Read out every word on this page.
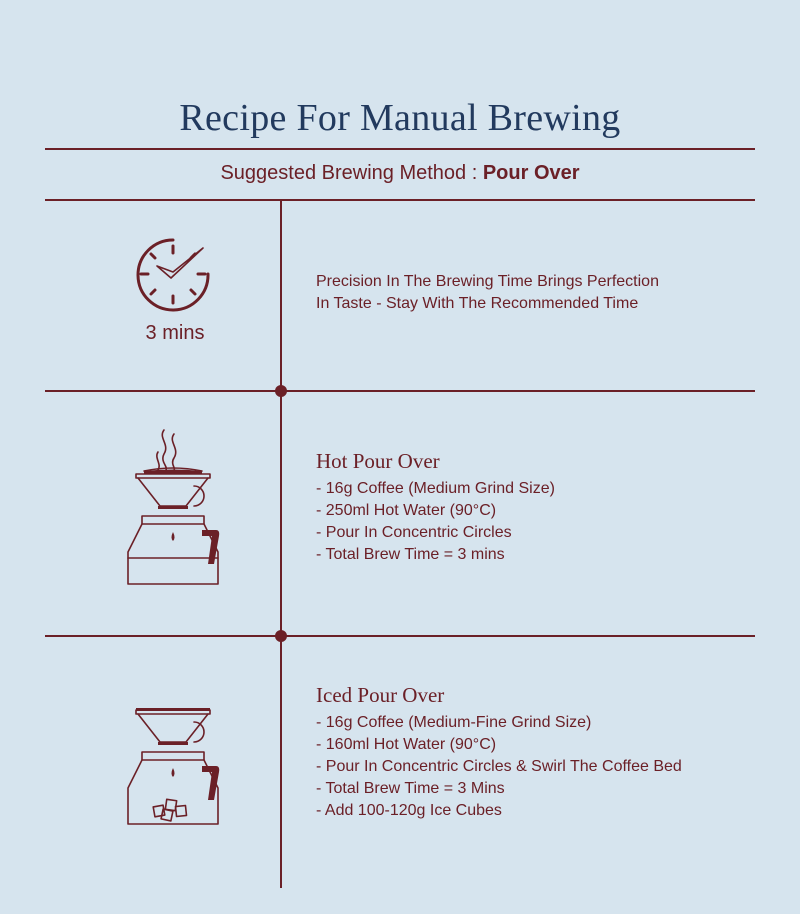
Recipe For Manual Brewing
Suggested Brewing Method : Pour Over
3 mins
Precision In The Brewing Time Brings Perfection
In Taste - Stay With The Recommended Time
Hot Pour Over
- 16g Coffee (Medium Grind Size)
- 250ml Hot Water (90°C)
- Pour In Concentric Circles
- Total Brew Time = 3 mins
Iced Pour Over
- 16g Coffee (Medium-Fine Grind Size)
- 160ml Hot Water (90°C)
- Pour In Concentric Circles & Swirl The Coffee Bed
- Total Brew Time = 3 Mins
- Add 100-120g Ice Cubes
